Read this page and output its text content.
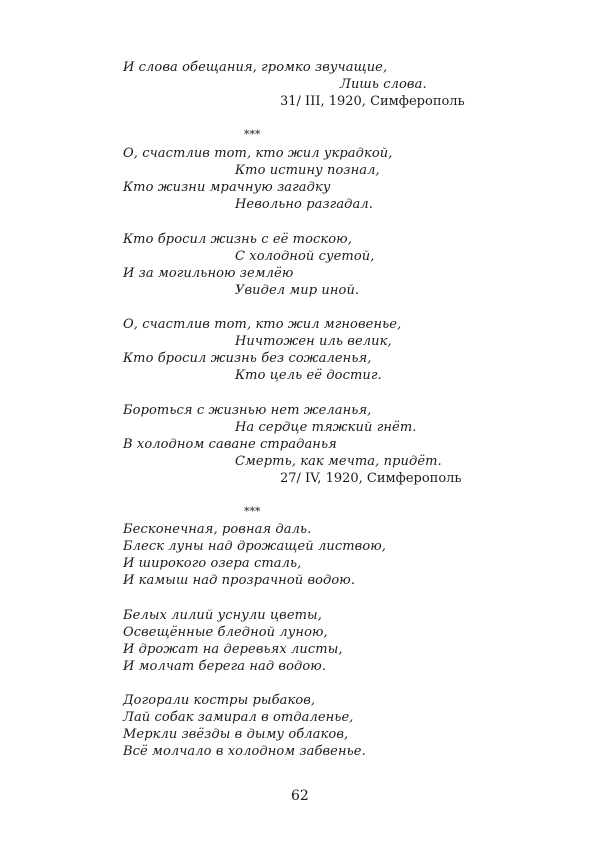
И слова обещания, громко звучащие,
Лишь слова.
31/ III, 1920, Симферополь
***
О, счастлив тот, кто жил украдкой,
Кто истину познал,
Кто жизни мрачную загадку
Невольно разгадал.
Кто бросил жизнь с её тоскою,
С холодной суетой,
И за могильною землёю
Увидел мир иной.
О, счастлив тот, кто жил мгновенье,
Ничтожен иль велик,
Кто бросил жизнь без сожаленья,
Кто цель её достиг.
Бороться с жизнью нет желанья,
На сердце тяжкий гнёт.
В холодном саване страданья
Смерть, как мечта, придёт.
27/ IV, 1920, Симферополь
***
Бесконечная, ровная даль.
Блеск луны над дрожащей листвою,
И широкого озера сталь,
И камыш над прозрачной водою.
Белых лилий уснули цветы,
Освещённые бледной луною,
И дрожат на деревьях листы,
И молчат берега над водою.
Догорали костры рыбаков,
Лай собак замирал в отдаленье,
Меркли звёзды в дыму облаков,
Всё молчало в холодном забвенье.
62
